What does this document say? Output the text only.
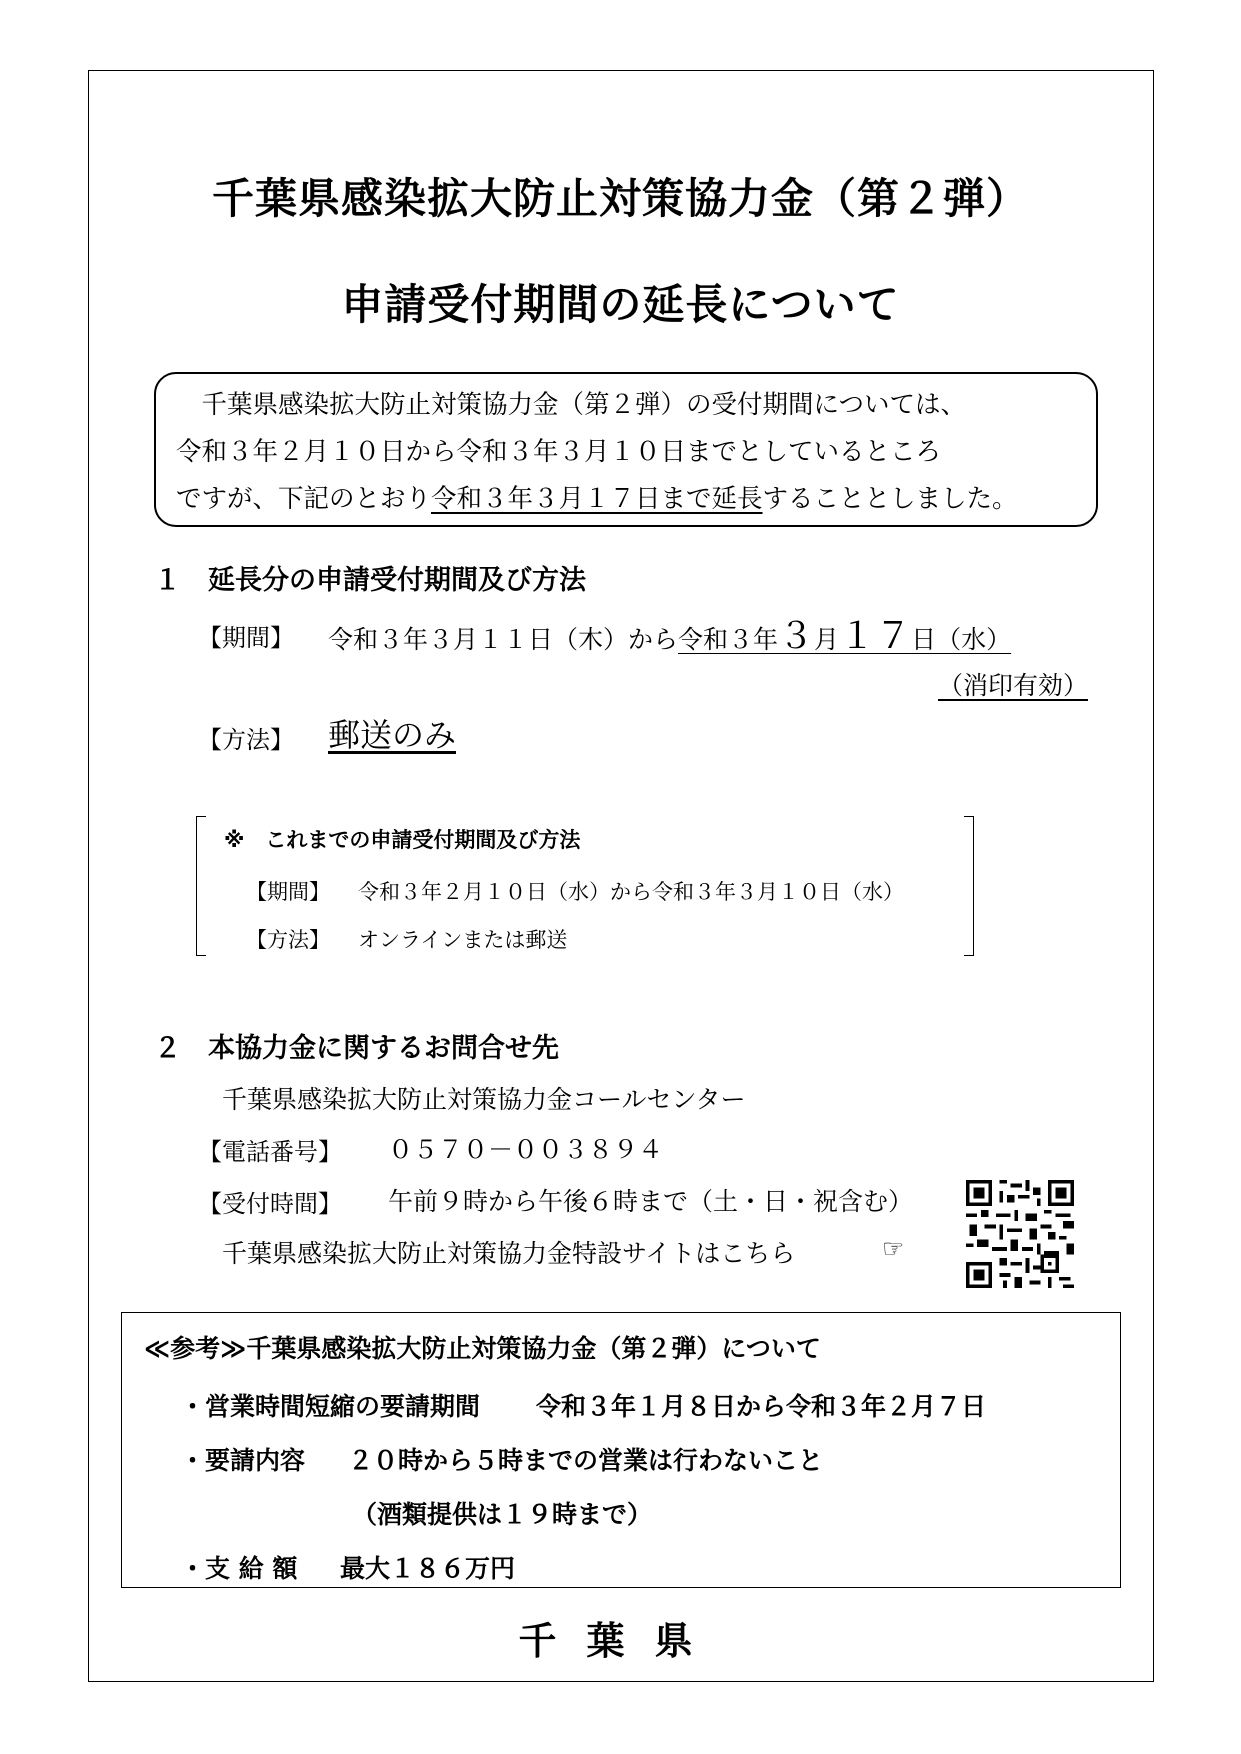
千葉県感染拡大防止対策協力金（第２弾）
申請受付期間の延長について
　千葉県感染拡大防止対策協力金（第２弾）の受付期間については、
令和３年２月１０日から令和３年３月１０日までとしているところ
ですが、下記のとおり令和３年３月１７日まで延長することとしました。
１　延長分の申請受付期間及び方法
【期間】 令和３年３月１１日（木）から令和３年３月１７日（水）
（消印有効）
【方法】 郵送のみ
※　これまでの申請受付期間及び方法
【期間】 令和３年２月１０日（水）から令和３年３月１０日（水）
【方法】 オンラインまたは郵送
２　本協力金に関するお問合せ先
千葉県感染拡大防止対策協力金コールセンター
【電話番号】 ０５７０－００３８９４
【受付時間】 午前９時から午後６時まで（土・日・祝含む）
千葉県感染拡大防止対策協力金特設サイトはこちら	☞
≪参考≫千葉県感染拡大防止対策協力金（第２弾）について
・営業時間短縮の要請期間 令和３年１月８日から令和３年２月７日
・要請内容 ２０時から５時までの営業は行わないこと
（酒類提供は１９時まで）
・支 給 額 最大１８６万円
千葉県
